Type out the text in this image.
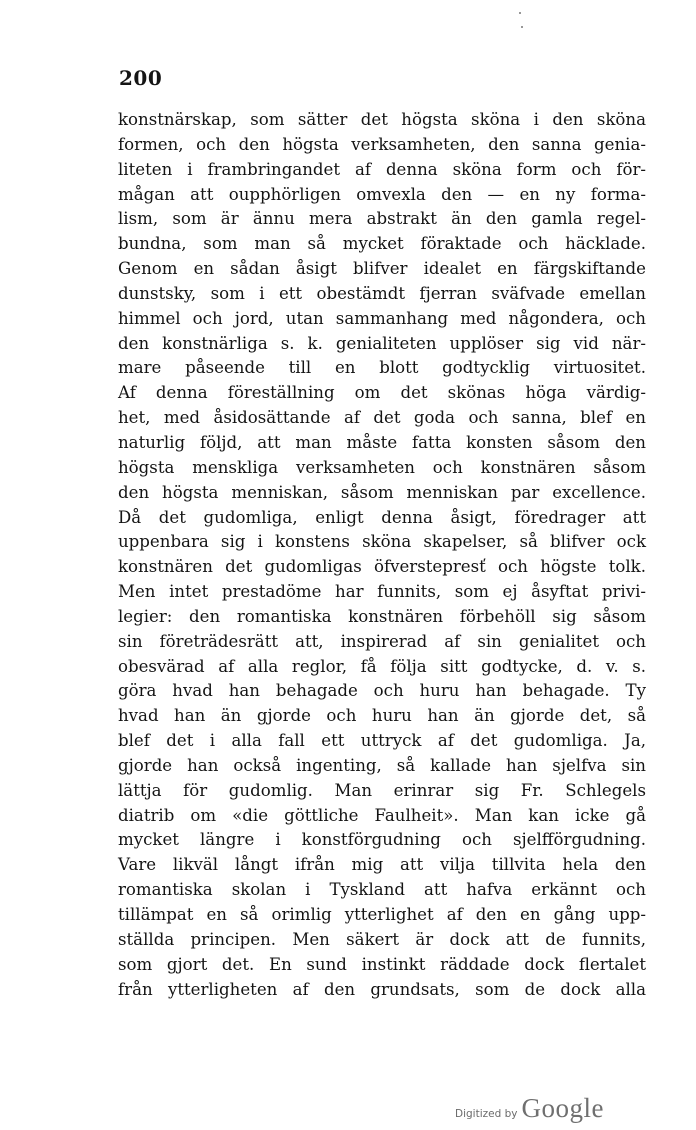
200
konstnärskap, som sätter det högsta sköna i den sköna
formen, och den högsta verksamheten, den sanna genia-
liteten i frambringandet af denna sköna form och för-
mågan att oupphörligen omvexla den — en ny forma-
lism, som är ännu mera abstrakt än den gamla regel-
bundna, som man så mycket föraktade och häcklade.
Genom en sådan åsigt blifver idealet en färgskiftande
dunstsky, som i ett obestämdt fjerran sväfvade emellan
himmel och jord, utan sammanhang med någondera, och
den konstnärliga s. k. genialiteten upplöser sig vid när-
mare påseende till en blott godtycklig virtuositet.
Af denna föreställning om det skönas höga värdig-
het, med åsidosättande af det goda och sanna, blef en
naturlig följd, att man måste fatta konsten såsom den
högsta menskliga verksamheten och konstnären såsom
den högsta menniskan, såsom menniskan par excellence.
Då det gudomliga, enligt denna åsigt, föredrager att
uppenbara sig i konstens sköna skapelser, så blifver ock
konstnären det gudomligas öfverstepresť och högste tolk.
Men intet prestadöme har funnits, som ej åsyftat privi-
legier: den romantiska konstnären förbehöll sig såsom
sin företrädesrätt att, inspirerad af sin genialitet och
obesvärad af alla reglor, få följa sitt godtycke, d. v. s.
göra hvad han behagade och huru han behagade. Ty
hvad han än gjorde och huru han än gjorde det, så
blef det i alla fall ett uttryck af det gudomliga. Ja,
gjorde han också ingenting, så kallade han sjelfva sin
lättja för gudomlig. Man erinrar sig Fr. Schlegels
diatrib om «die göttliche Faulheit». Man kan icke gå
mycket längre i konstförgudning och sjelfförgudning.
Vare likväl långt ifrån mig att vilja tillvita hela den
romantiska skolan i Tyskland att hafva erkännt och
tillämpat en så orimlig ytterlighet af den en gång upp-
ställda principen. Men säkert är dock att de funnits,
som gjort det. En sund instinkt räddade dock flertalet
från ytterligheten af den grundsats, som de dock alla
Digitized by Google
